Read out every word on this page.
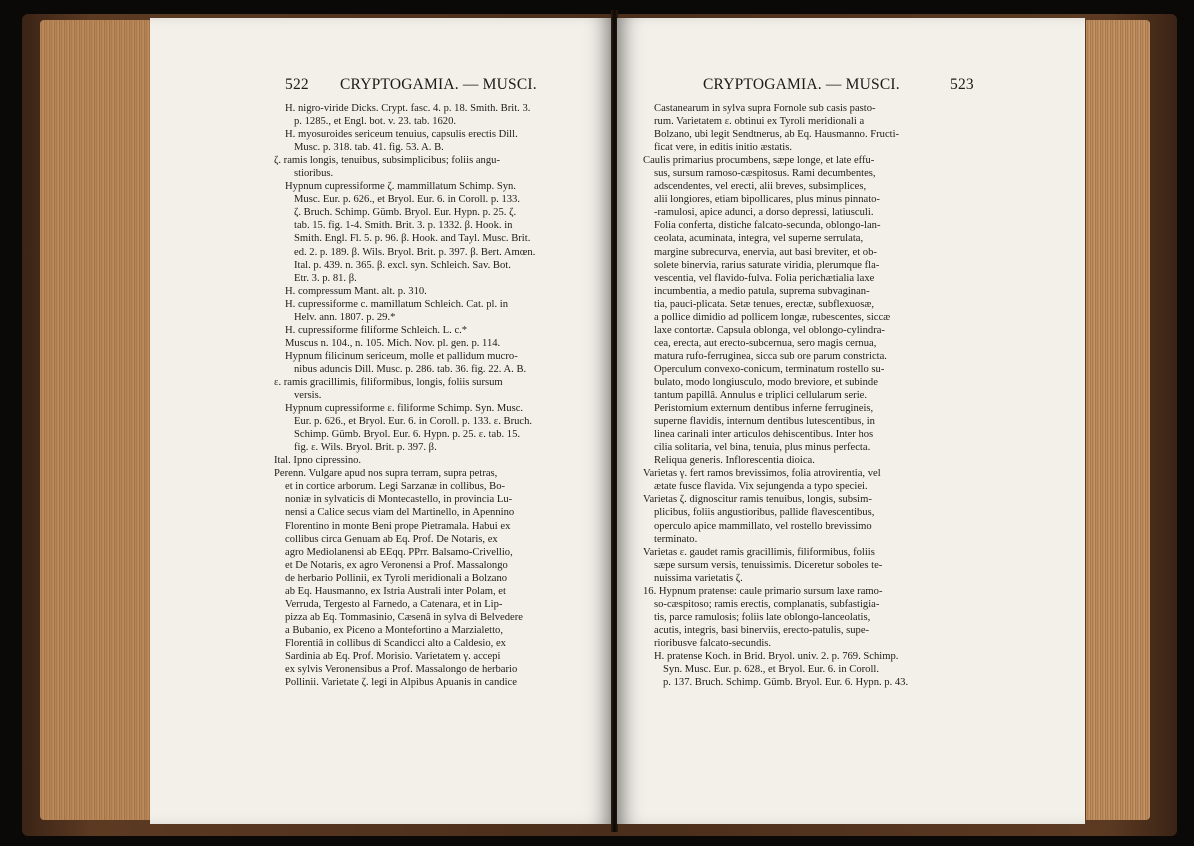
522 CRYPTOGAMIA. — MUSCI.
H. nigro-viride Dicks. Crypt. fasc. 4. p. 18. Smith. Brit. 3.
p. 1285., et Engl. bot. v. 23. tab. 1620.
H. myosuroides sericeum tenuius, capsulis erectis Dill.
Musc. p. 318. tab. 41. fig. 53. A. B.
ζ. ramis longis, tenuibus, subsimplicibus; foliis angu-
stioribus.
Hypnum cupressiforme ζ. mammillatum Schimp. Syn.
Musc. Eur. p. 626., et Bryol. Eur. 6. in Coroll. p. 133.
ζ. Bruch. Schimp. Gümb. Bryol. Eur. Hypn. p. 25. ζ.
tab. 15. fig. 1-4. Smith. Brit. 3. p. 1332. β. Hook. in
Smith. Engl. Fl. 5. p. 96. β. Hook. and Tayl. Musc. Brit.
ed. 2. p. 189. β. Wils. Bryol. Brit. p. 397. β. Bert. Amœn.
Ital. p. 439. n. 365. β. excl. syn. Schleich. Sav. Bot.
Etr. 3. p. 81. β.
H. compressum Mant. alt. p. 310.
H. cupressiforme c. mamillatum Schleich. Cat. pl. in
Helv. ann. 1807. p. 29.*
H. cupressiforme filiforme Schleich. L. c.*
Muscus n. 104., n. 105. Mich. Nov. pl. gen. p. 114.
Hypnum filicinum sericeum, molle et pallidum mucro-
nibus aduncis Dill. Musc. p. 286. tab. 36. fig. 22. A. B.
ε. ramis gracillimis, filiformibus, longis, foliis sursum
versis.
Hypnum cupressiforme ε. filiforme Schimp. Syn. Musc.
Eur. p. 626., et Bryol. Eur. 6. in Coroll. p. 133. ε. Bruch.
Schimp. Gümb. Bryol. Eur. 6. Hypn. p. 25. ε. tab. 15.
fig. ε. Wils. Bryol. Brit. p. 397. β.
Ital. Ipno cipressino.
Perenn. Vulgare apud nos supra terram, supra petras,
et in cortice arborum. Legi Sarzanæ in collibus, Bo-
noniæ in sylvaticis di Montecastello, in provincia Lu-
nensi a Calice secus viam del Martinello, in Apennino
Florentino in monte Beni prope Pietramala. Habui ex
collibus circa Genuam ab Eq. Prof. De Notaris, ex
agro Mediolanensi ab EEqq. PPrr. Balsamo-Crivellio,
et De Notaris, ex agro Veronensi a Prof. Massalongo
de herbario Pollinii, ex Tyroli meridionali a Bolzano
ab Eq. Hausmanno, ex Istria Australi inter Polam, et
Verruda, Tergesto al Farnedo, a Catenara, et in Lip-
pizza ab Eq. Tommasinio, Cæsenâ in sylva di Belvedere
a Bubanio, ex Piceno a Montefortino a Marzialetto,
Florentiâ in collibus di Scandicci alto a Caldesio, ex
Sardinia ab Eq. Prof. Morisio. Varietatem γ. accepi
ex sylvis Veronensibus a Prof. Massalongo de herbario
Pollinii. Varietate ζ. legi in Alpibus Apuanis in candice
CRYPTOGAMIA. — MUSCI.	523
Castanearum in sylva supra Fornole sub casis pasto-
rum. Varietatem ε. obtinui ex Tyroli meridionali a
Bolzano, ubi legit Sendtnerus, ab Eq. Hausmanno. Fructi-
ficat vere, in editis initio æstatis.
Caulis primarius procumbens, sæpe longe, et late effu-
sus, sursum ramoso-cæspitosus. Rami decumbentes,
adscendentes, vel erecti, alii breves, subsimplices,
alii longiores, etiam bipollicares, plus minus pinnato-
-ramulosi, apice adunci, a dorso depressi, latiusculi.
Folia conferta, distiche falcato-secunda, oblongo-lan-
ceolata, acuminata, integra, vel superne serrulata,
margine subrecurva, enervia, aut basi breviter, et ob-
solete binervia, rarius saturate viridia, plerumque fla-
vescentia, vel flavido-fulva. Folia perichætialia laxe
incumbentia, a medio patula, suprema subvaginan-
tia, pauci-plicata. Setæ tenues, erectæ, subflexuosæ,
a pollice dimidio ad pollicem longæ, rubescentes, siccæ
laxe contortæ. Capsula oblonga, vel oblongo-cylindra-
cea, erecta, aut erecto-subcernua, sero magis cernua,
matura rufo-ferruginea, sicca sub ore parum constricta.
Operculum convexo-conicum, terminatum rostello su-
bulato, modo longiusculo, modo breviore, et subinde
tantum papillâ. Annulus e triplici cellularum serie.
Peristomium externum dentibus inferne ferrugineis,
superne flavidis, internum dentibus lutescentibus, in
linea carinali inter articulos dehiscentibus. Inter hos
cilia solitaria, vel bina, tenuia, plus minus perfecta.
Reliqua generis. Inflorescentia dioica.
Varietas γ. fert ramos brevissimos, folia atrovirentia, vel
ætate fusce flavida. Vix sejungenda a typo speciei.
Varietas ζ. dignoscitur ramis tenuibus, longis, subsim-
plicibus, foliis angustioribus, pallide flavescentibus,
operculo apice mammillato, vel rostello brevissimo
terminato.
Varietas ε. gaudet ramis gracillimis, filiformibus, foliis
sæpe sursum versis, tenuissimis. Diceretur soboles te-
nuissima varietatis ζ.
16. Hypnum pratense: caule primario sursum laxe ramo-
so-cæspitoso; ramis erectis, complanatis, subfastigia-
tis, parce ramulosis; foliis late oblongo-lanceolatis,
acutis, integris, basi binerviis, erecto-patulis, supe-
rioribusve falcato-secundis.
H. pratense Koch. in Brid. Bryol. univ. 2. p. 769. Schimp.
Syn. Musc. Eur. p. 628., et Bryol. Eur. 6. in Coroll.
p. 137. Bruch. Schimp. Gümb. Bryol. Eur. 6. Hypn. p. 43.
